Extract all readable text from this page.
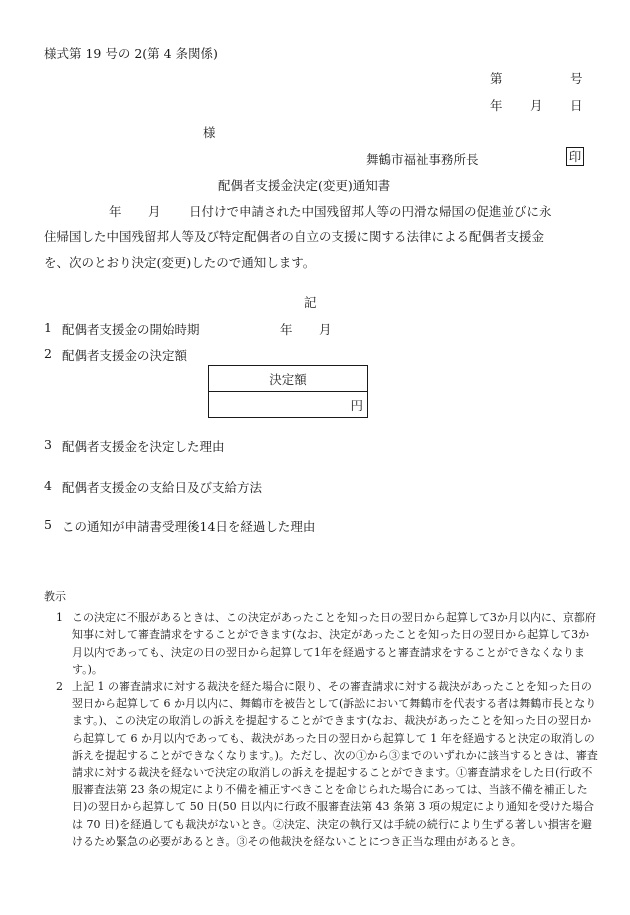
様式第 19 号の 2(第 4 条関係)
第	号
年 月 日
様
舞鶴市福祉事務所長	印
配偶者支援金決定(変更)通知書
年 月 日付けで申請された中国残留邦人等の円滑な帰国の促進並びに永
住帰国した中国残留邦人等及び特定配偶者の自立の支援に関する法律による配偶者支援金
を、次のとおり決定(変更)したので通知します。
記
1 配偶者支援金の開始時期	年 月
2 配偶者支援金の決定額
決定額
円
3 配偶者支援金を決定した理由
4 配偶者支援金の支給日及び支給方法
5 この通知が申請書受理後14日を経過した理由
教示
1 この決定に不服があるときは、この決定があったことを知った日の翌日から起算して3か月以内に、京都府知事に対して審査請求をすることができます(なお、決定があったことを知った日の翌日から起算して3か月以内であっても、決定の日の翌日から起算して1年を経過すると審査請求をすることができなくなります。)。
2 上記 1 の審査請求に対する裁決を経た場合に限り、その審査請求に対する裁決があったことを知った日の翌日から起算して 6 か月以内に、舞鶴市を被告として(訴訟において舞鶴市を代表する者は舞鶴市長となります。)、この決定の取消しの訴えを提起することができます(なお、裁決があったことを知った日の翌日から起算して 6 か月以内であっても、裁決があった日の翌日から起算して 1 年を経過すると決定の取消しの訴えを提起することができなくなります。)。ただし、次の①から③までのいずれかに該当するときは、審査請求に対する裁決を経ないで決定の取消しの訴えを提起することができます。①審査請求をした日(行政不服審査法第 23 条の規定により不備を補正すべきことを命じられた場合にあっては、当該不備を補正した日)の翌日から起算して 50 日(50 日以内に行政不服審査法第 43 条第 3 項の規定により通知を受けた場合は 70 日)を経過しても裁決がないとき。②決定、決定の執行又は手続の続行により生ずる著しい損害を避けるため緊急の必要があるとき。③その他裁決を経ないことにつき正当な理由があるとき。
